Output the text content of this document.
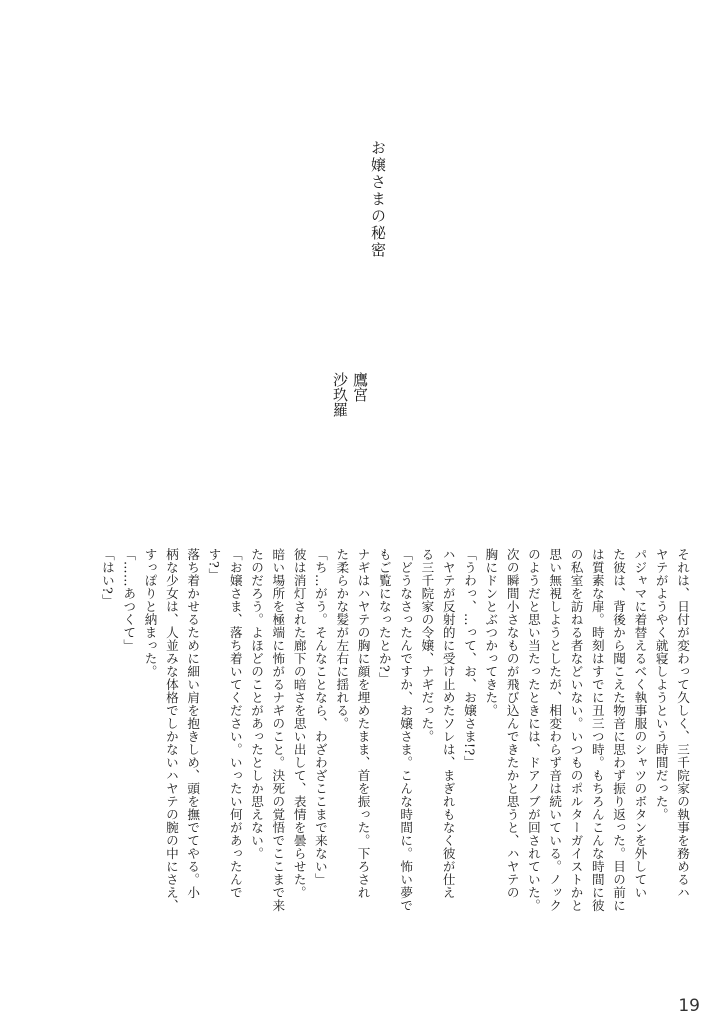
お嬢さまの秘密
鷹宮
沙玖羅

それは、日付が変わって久しく、三千院家の執事を務めるハ

ヤテがようやく就寝しようという時間だった。

パジャマに着替えるべく執事服のシャツのボタンを外してい

た彼は、背後から聞こえた物音に思わず振り返った。目の前に

は質素な扉。時刻はすでに丑三つ時。もちろんこんな時間に彼

の私室を訪ねる者などいない。いつものポルターガイストかと

思い無視しようとしたが、相変わらず音は続いている。ノック

のようだと思い当たったときには、ドアノブが回されていた。

次の瞬間小さなものが飛び込んできたかと思うと、ハヤテの

胸にドンとぶつかってきた。

「うわっ、…って、お、お嬢さま!?」

ハヤテが反射的に受け止めたソレは、まぎれもなく彼が仕え

る三千院家の令嬢、ナギだった。

「どうなさったんですか、お嬢さま。こんな時間に。怖い夢で

もご覧になったとか?」

ナギはハヤテの胸に顔を埋めたまま、首を振った。下ろされ

た柔らかな髪が左右に揺れる。

「ち…がう。そんなことなら、わざわざここまで来ない」

彼は消灯された廊下の暗さを思い出して、表情を曇らせた。

暗い場所を極端に怖がるナギのこと。決死の覚悟でここまで来

たのだろう。よほどのことがあったとしか思えない。

「お嬢さま、落ち着いてください。いったい何があったんで

す?」

落ち着かせるために細い肩を抱きしめ、頭を撫でてやる。小

柄な少女は、人並みな体格でしかないハヤテの腕の中にさえ、

すっぽりと納まった。

「……あつくて」

「はい?」

19
